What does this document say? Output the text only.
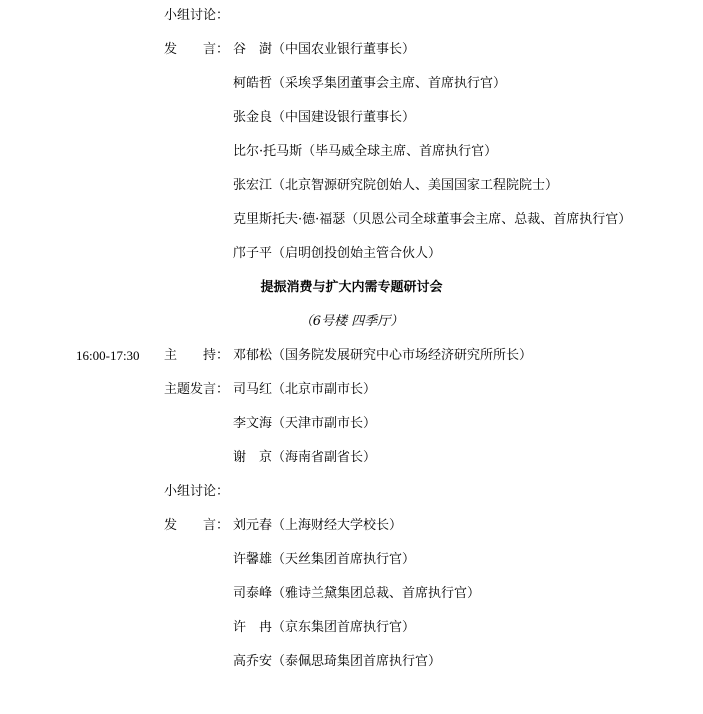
小组讨论：
发　　言： 谷　澍（中国农业银行董事长）
柯皓哲（采埃孚集团董事会主席、首席执行官）
张金良（中国建设银行董事长）
比尔·托马斯（毕马威全球主席、首席执行官）
张宏江（北京智源研究院创始人、美国国家工程院院士）
克里斯托夫·德·福瑟（贝恩公司全球董事会主席、总裁、首席执行官）
邝子平（启明创投创始主管合伙人）
提振消费与扩大内需专题研讨会
（6号楼 四季厅）
16:00-17:30 主　　持： 邓郁松（国务院发展研究中心市场经济研究所所长）
主题发言： 司马红（北京市副市长）
李文海（天津市副市长）
谢　京（海南省副省长）
小组讨论：
发　　言： 刘元春（上海财经大学校长）
许馨雄（天丝集团首席执行官）
司泰峰（雅诗兰黛集团总裁、首席执行官）
许　冉（京东集团首席执行官）
高乔安（泰佩思琦集团首席执行官）
